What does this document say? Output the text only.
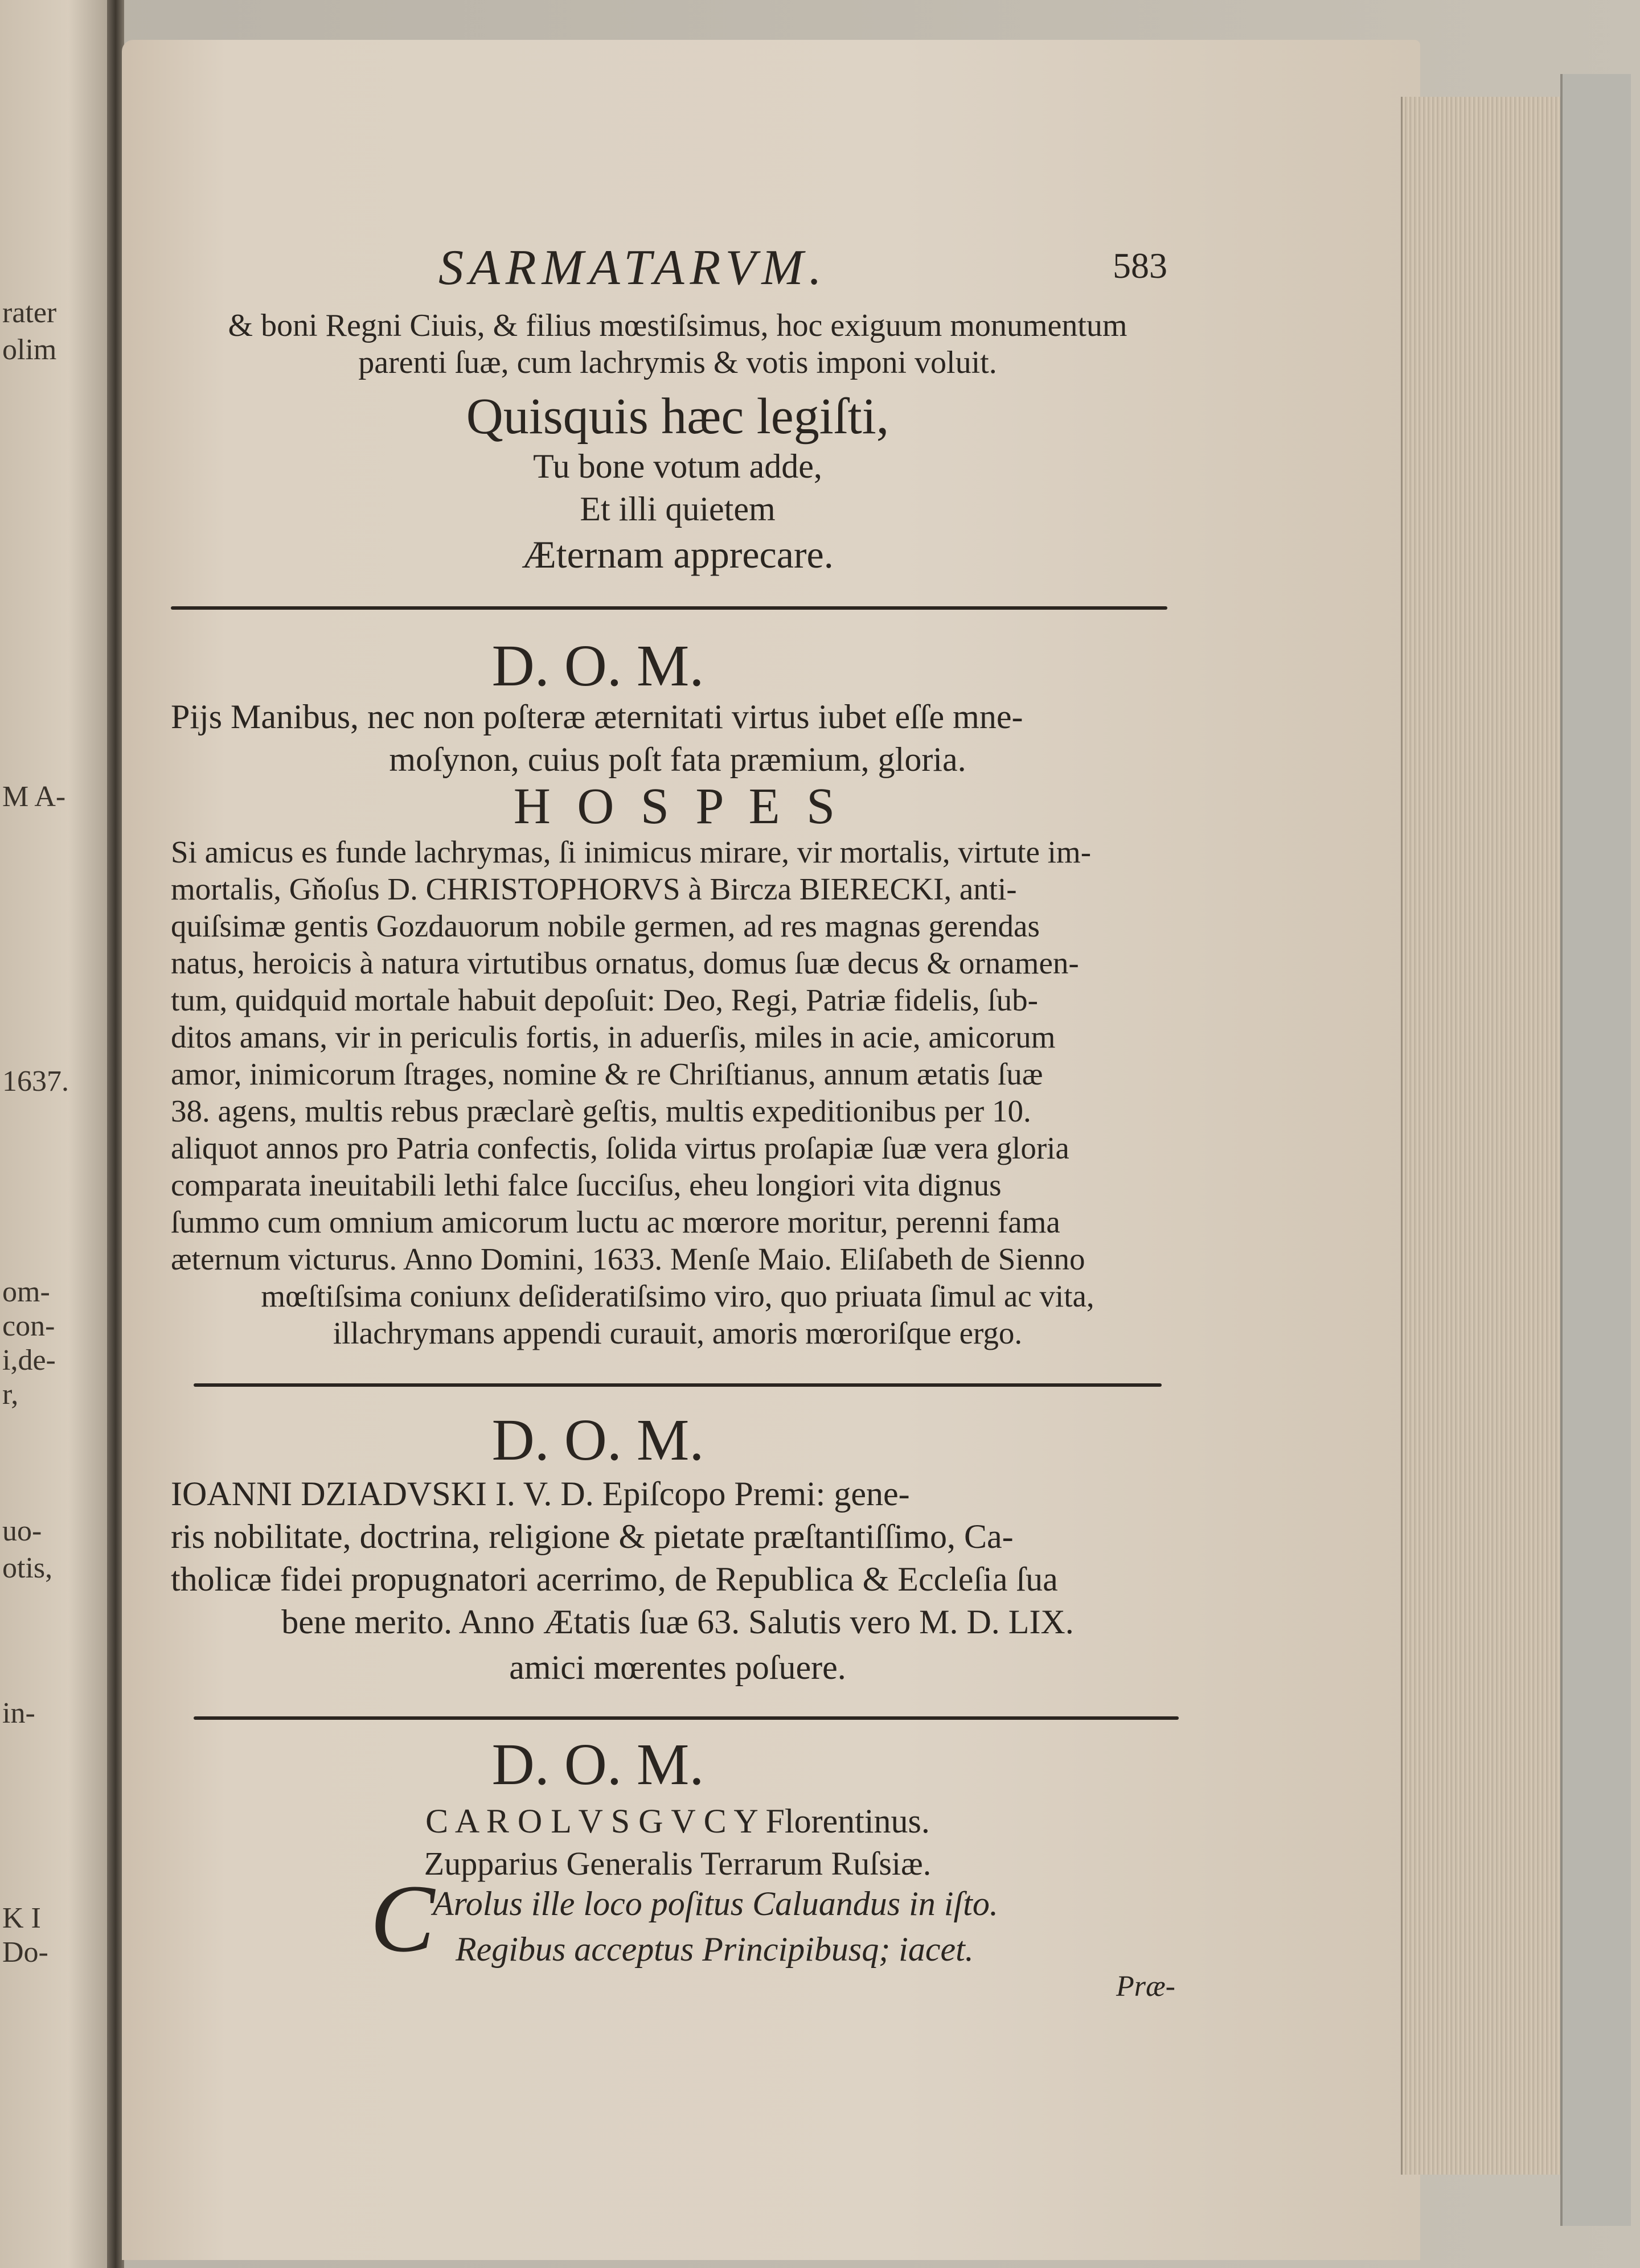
rater
olim
M A-
1637.
om-
con-
i,de-
r,
uo-
otis,
in-
K I
Do-
SARMATARVM.	583

& boni Regni Ciuis, & filius mœstiſsimus, hoc exiguum monumentum

parenti ſuæ, cum lachrymis & votis imponi voluit.

Quisquis hæc legiſti,

Tu bone votum adde,

Et illi quietem

Æternam apprecare.

D. O. M.

Pijs Manibus, nec non poſteræ æternitati virtus iubet eſſe mne-

moſynon, cuius poſt fata præmium, gloria.

H O S P E S

Si amicus es funde lachrymas, ſi inimicus mirare, vir mortalis, virtute im-

mortalis, Gňoſus D. CHRISTOPHORVS à Bircza BIERECKI, anti-

quiſsimæ gentis Gozdauorum nobile germen, ad res magnas gerendas

natus, heroicis à natura virtutibus ornatus, domus ſuæ decus & ornamen-

tum, quidquid mortale habuit depoſuit: Deo, Regi, Patriæ fidelis, ſub-

ditos amans, vir in periculis fortis, in aduerſis, miles in acie, amicorum

amor, inimicorum ſtrages, nomine & re Chriſtianus, annum ætatis ſuæ

38. agens, multis rebus præclarè geſtis, multis expeditionibus per 10.

aliquot annos pro Patria confectis, ſolida virtus proſapiæ ſuæ vera gloria

comparata ineuitabili lethi falce ſucciſus, eheu longiori vita dignus

ſummo cum omnium amicorum luctu ac mœrore moritur, perenni fama

æternum victurus. Anno Domini, 1633. Menſe Maio. Eliſabeth de Sienno

mœſtiſsima coniunx deſideratiſsimo viro, quo priuata ſimul ac vita,

illachrymans appendi curauit, amoris mœroriſque ergo.

D. O. M.

IOANNI DZIADVSKI I. V. D. Epiſcopo Premi: gene-

ris nobilitate, doctrina, religione & pietate præſtantiſſimo, Ca-

tholicæ fidei propugnatori acerrimo, de Republica & Eccleſia ſua

bene merito. Anno Ætatis ſuæ 63. Salutis vero M. D. LIX.

amici mœrentes poſuere.

D. O. M.

C A R O L V S G V C Y Florentinus.

Zupparius Generalis Terrarum Ruſsiæ.

C

Arolus ille loco poſitus Caluandus in iſto.

Regibus acceptus Principibusq; iacet.

Præ-
